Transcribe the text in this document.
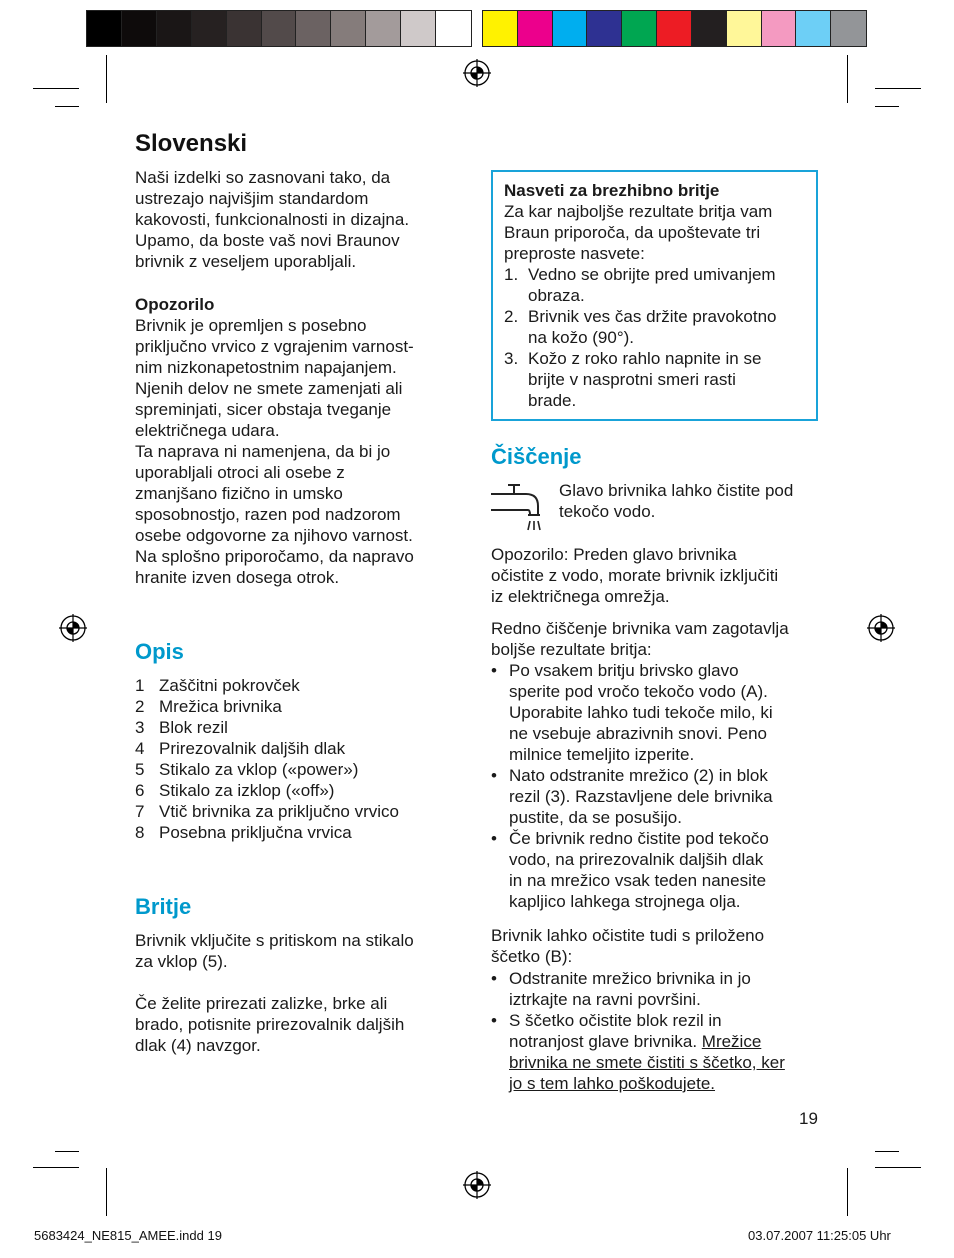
Slovenski
Naši izdelki so zasnovani tako, da
ustrezajo najvišjim standardom
kakovosti, funkcionalnosti in dizajna.
Upamo, da boste vaš novi Braunov
brivnik z veseljem uporabljali.
Opozorilo
Brivnik je opremljen s posebno
priključno vrvico z vgrajenim varnost-
nim nizkonapetostnim napajanjem.
Njenih delov ne smete zamenjati ali
spreminjati, sicer obstaja tveganje
električnega udara.
Ta naprava ni namenjena, da bi jo
uporabljali otroci ali osebe z
zmanjšano fizično in umsko
sposobnostjo, razen pod nadzorom
osebe odgovorne za njihovo varnost.
Na splošno priporočamo, da napravo
hranite izven dosega otrok.
Opis
1 Zaščitni pokrovček
2 Mrežica brivnika
3 Blok rezil
4 Prirezovalnik daljših dlak
5 Stikalo za vklop («power»)
6 Stikalo za izklop («off»)
7 Vtič brivnika za priključno vrvico
8 Posebna priključna vrvica
Britje
Brivnik vključite s pritiskom na stikalo
za vklop (5).
Če želite prirezati zalizke, brke ali
brado, potisnite prirezovalnik daljših
dlak (4) navzgor.
Nasveti za brezhibno britje
Za kar najboljše rezultate britja vam
Braun priporoča, da upoštevate tri
preproste nasvete:
1. Vedno se obrijte pred umivanjem
obraza.
2. Brivnik ves čas držite pravokotno
na kožo (90°).
3. Kožo z roko rahlo napnite in se
brijte v nasprotni smeri rasti
brade.
Čiščenje
Glavo brivnika lahko čistite pod
tekočo vodo.
Opozorilo: Preden glavo brivnika
očistite z vodo, morate brivnik izključiti
iz električnega omrežja.
Redno čiščenje brivnika vam zagotavlja
boljše rezultate britja:
• Po vsakem britju brivsko glavo
sperite pod vročo tekočo vodo (A).
Uporabite lahko tudi tekoče milo, ki
ne vsebuje abrazivnih snovi. Peno
milnice temeljito izperite.
• Nato odstranite mrežico (2) in blok
rezil (3). Razstavljene dele brivnika
pustite, da se posušijo.
• Če brivnik redno čistite pod tekočo
vodo, na prirezovalnik daljših dlak
in na mrežico vsak teden nanesite
kapljico lahkega strojnega olja.
Brivnik lahko očistite tudi s priloženo
ščetko (B):
• Odstranite mrežico brivnika in jo
iztrkajte na ravni površini.
• S ščetko očistite blok rezil in
notranjost glave brivnika. Mrežice
brivnika ne smete čistiti s ščetko, ker
jo s tem lahko poškodujete.
19
5683424_NE815_AMEE.indd 19	03.07.2007 11:25:05 Uhr
